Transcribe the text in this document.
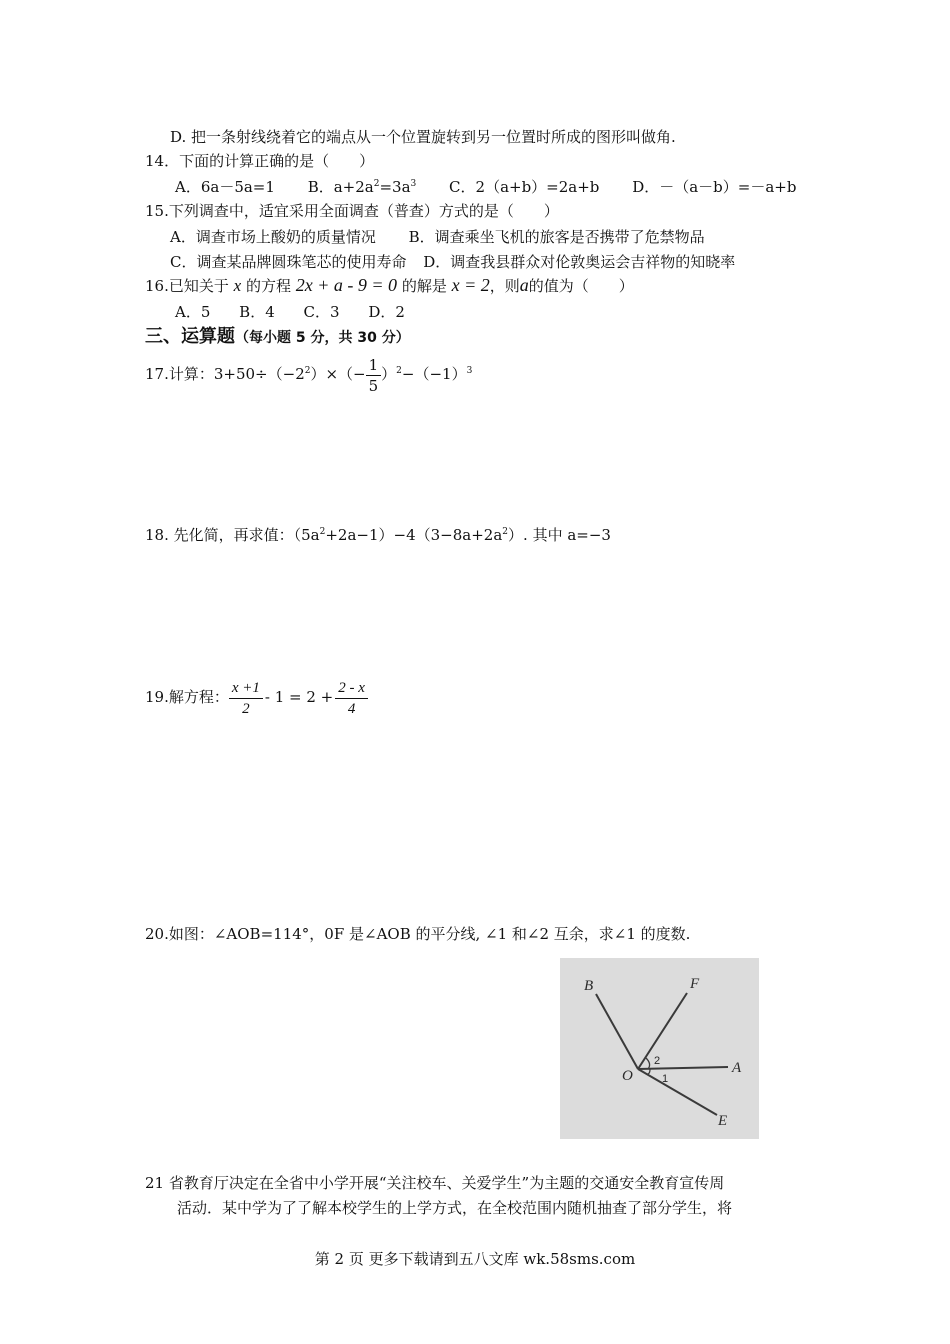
D. 把一条射线绕着它的端点从一个位置旋转到另一位置时所成的图形叫做角.
14．下面的计算正确的是（　　）
A．6a－5a=1 B．$a+2a^2=3a^3$ C．2（a+b）=2a+b D．－（a－b）=－a+b
15.下列调查中，适宜采用全面调查（普查）方式的是（　　）
A．调查市场上酸奶的质量情况 B．调查乘坐飞机的旅客是否携带了危禁物品
C．调查某品牌圆珠笔芯的使用寿命 D．调查我县群众对伦敦奥运会吉祥物的知晓率
16.已知关于 x 的方程 2x + a - 9 = 0 的解是 x = 2，则a的值为（　　）
A．5 B．4 C．3 D．2
三、运算题（每小题 5 分，共 30 分）
17.计算：$3+50\div(-2^2)\times(- \frac{1}{5} )^2-(-1)^3$
18. 先化简，再求值：$(5a^2+2a-1)-4(3-8a+2a^2)$. 其中 a=−3
19.解方程： $\frac{x +1}{2} - 1 = 2 + \frac{2 - x}{4}$
20.如图：∠AOB=114°，0F 是∠AOB 的平分线, ∠1 和∠2 互余，求∠1 的度数.
B	F
O	A
E
2
1
21 省教育厅决定在全省中小学开展“关注校车、关爱学生”为主题的交通安全教育宣传周
活动．某中学为了了解本校学生的上学方式，在全校范围内随机抽查了部分学生，将
第 2 页 更多下载请到五八文库 wk.58sms.com
